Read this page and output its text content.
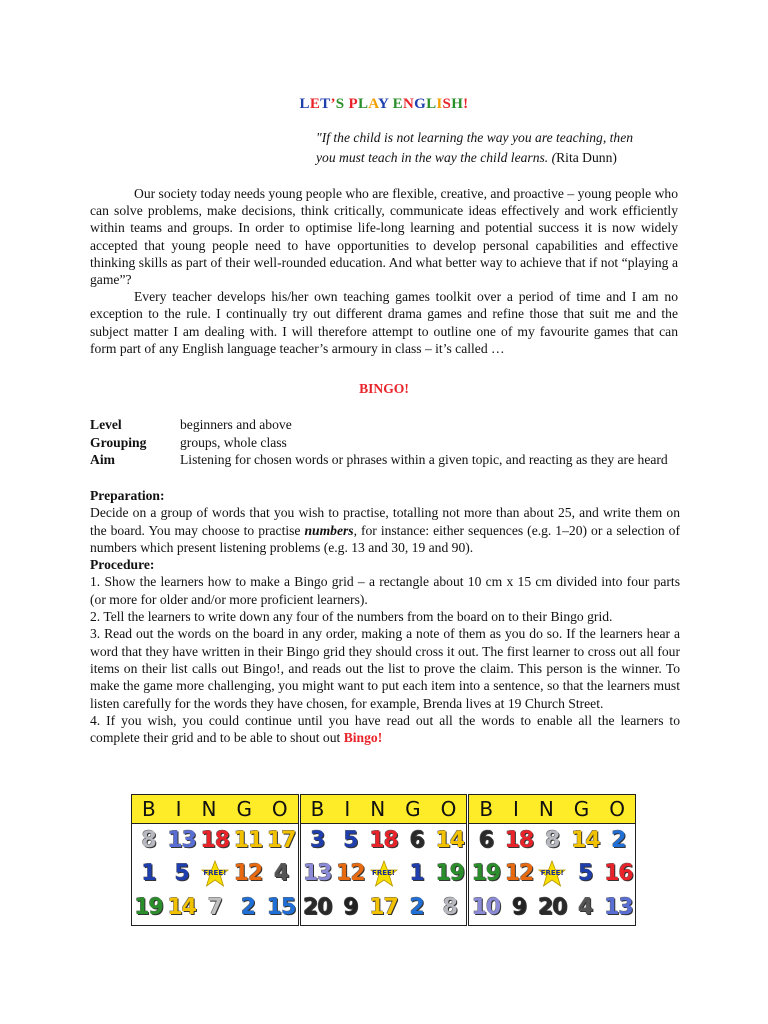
LET’S PLAY ENGLISH!
"If the child is not learning the way you are teaching, then
you must teach in the way the child learns. (Rita Dunn)

Our society today needs young people who are flexible, creative, and proactive – young people who can solve problems, make decisions, think critically, communicate ideas effectively and work efficiently within teams and groups. In order to optimise life-long learning and potential success it is now widely accepted that young people need to have opportunities to develop personal capabilities and effective thinking skills as part of their well-rounded education. And what better way to achieve that if not “playing a game”?

Every teacher develops his/her own teaching games toolkit over a period of time and I am no exception to the rule. I continually try out different drama games and refine those that suit me and the subject matter I am dealing with. I will therefore attempt to outline one of my favourite games that can form part of any English language teacher’s armoury in class – it’s called …

BINGO!
Level	beginners and above
Grouping	groups, whole class
Aim	Listening for chosen words or phrases within a given topic, and reacting as they are heard

Preparation:

Decide on a group of words that you wish to practise, totalling not more than about 25, and write them on the board. You may choose to practise numbers, for instance: either sequences (e.g. 1–20) or a selection of numbers which present listening problems (e.g. 13 and 30, 19 and 90).

Procedure:

1. Show the learners how to make a Bingo grid – a rectangle about 10 cm x 15 cm divided into four parts (or more for older and/or more proficient learners).

2. Tell the learners to write down any four of the numbers from the board on to their Bingo grid.

3. Read out the words on the board in any order, making a note of them as you do so. If the learners hear a word that they have written in their Bingo grid they should cross it out. The first learner to cross out all four items on their list calls out Bingo!, and reads out the list to prove the claim. This person is the winner. To make the game more challenging, you might want to put each item into a sentence, so that the learners must listen carefully for the words they have chosen, for example, Brenda lives at 19 Church Street.

4. If you wish, you could continue until you have read out all the words to enable all the learners to complete their grid and to be able to shout out Bingo!

B I N G O
8 13 18 11 17
1 5	FREE! 12 4
19 14 7 2 15
B I N G O
3 5 18 6 14
13 12	FREE! 1 19
20 9 17 2 8
B I N G O
6 18 8 14 2
19 12	FREE! 5 16
10 9 20 4 13
